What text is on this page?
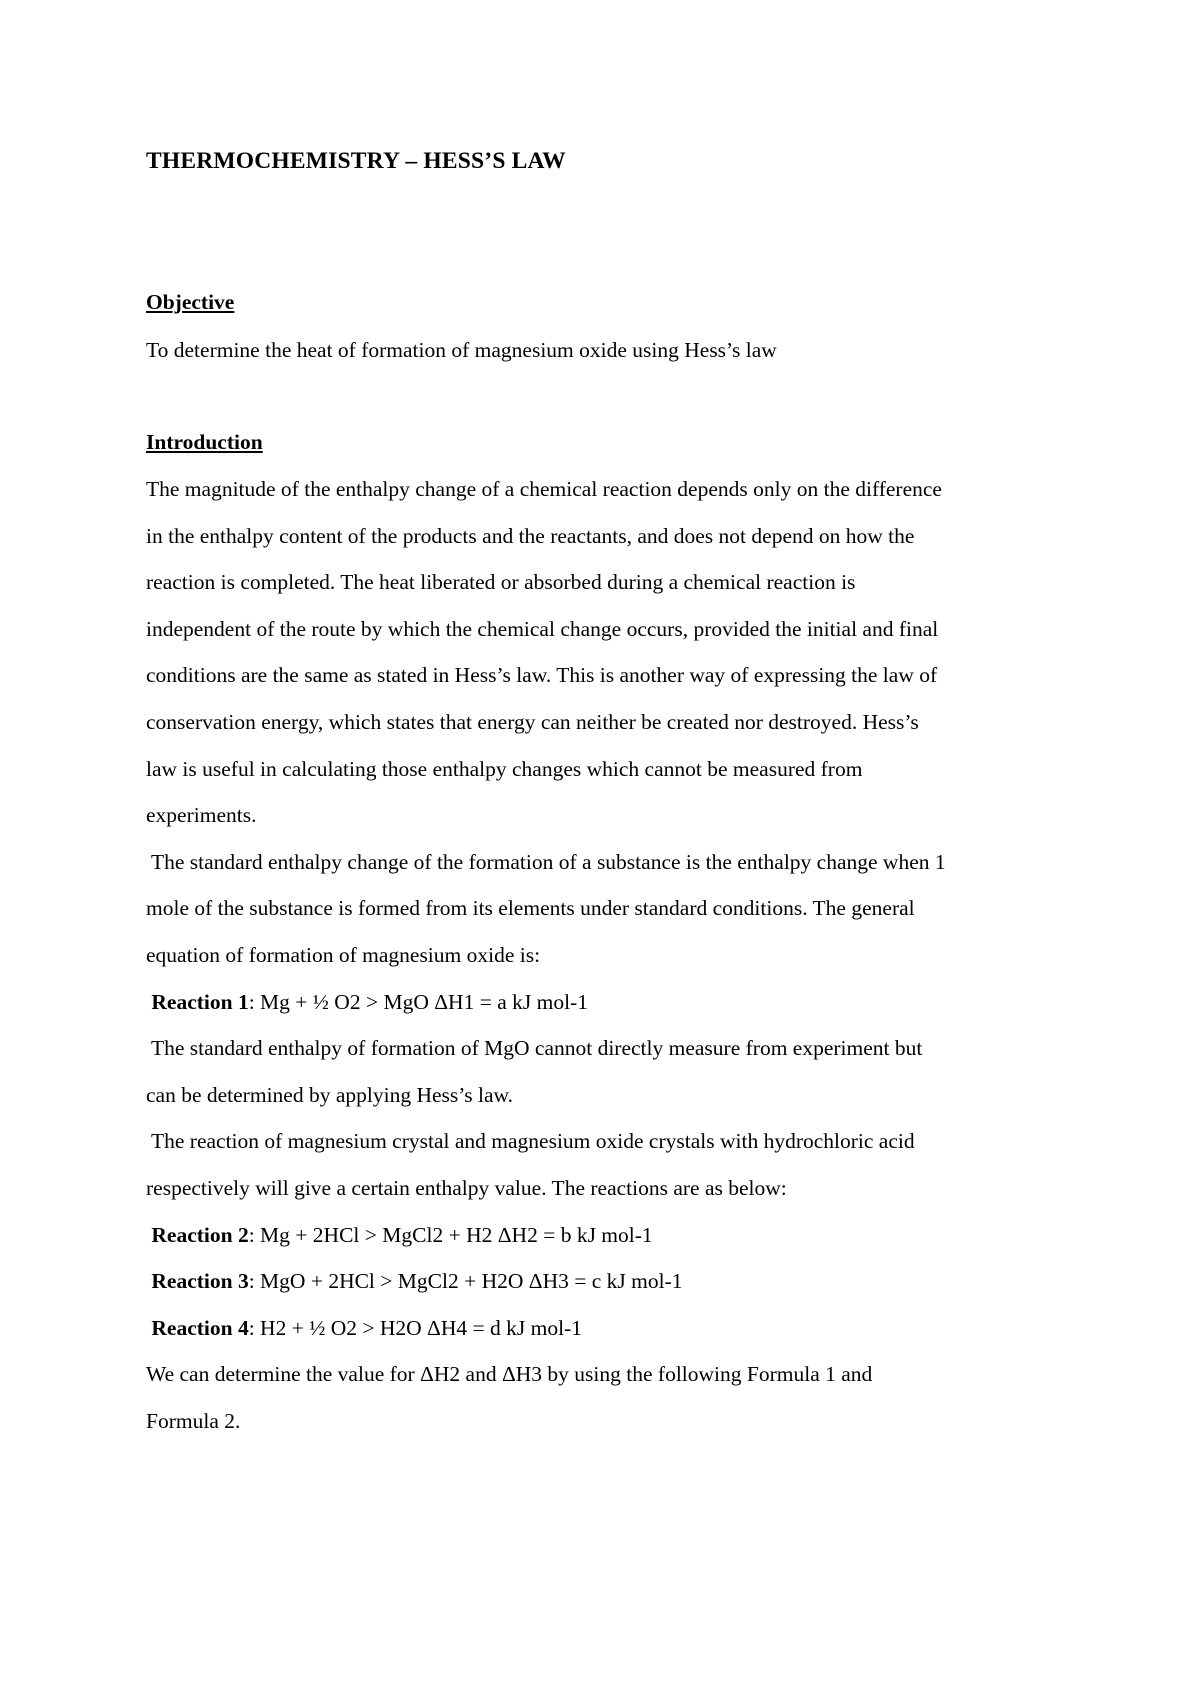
THERMOCHEMISTRY – HESS’S LAW
Objective
To determine the heat of formation of magnesium oxide using Hess’s law
Introduction
The magnitude of the enthalpy change of a chemical reaction depends only on the difference
in the enthalpy content of the products and the reactants, and does not depend on how the
reaction is completed. The heat liberated or absorbed during a chemical reaction is
independent of the route by which the chemical change occurs, provided the initial and final
conditions are the same as stated in Hess’s law. This is another way of expressing the law of
conservation energy, which states that energy can neither be created nor destroyed. Hess’s
law is useful in calculating those enthalpy changes which cannot be measured from
experiments.
The standard enthalpy change of the formation of a substance is the enthalpy change when 1
mole of the substance is formed from its elements under standard conditions. The general
equation of formation of magnesium oxide is:
Reaction 1: Mg + ½ O2 > MgO ΔH1 = a kJ mol-1
The standard enthalpy of formation of MgO cannot directly measure from experiment but
can be determined by applying Hess’s law.
The reaction of magnesium crystal and magnesium oxide crystals with hydrochloric acid
respectively will give a certain enthalpy value. The reactions are as below:
Reaction 2: Mg + 2HCl > MgCl2 + H2 ΔH2 = b kJ mol-1
Reaction 3: MgO + 2HCl > MgCl2 + H2O ΔH3 = c kJ mol-1
Reaction 4: H2 + ½ O2 > H2O ΔH4 = d kJ mol-1
We can determine the value for ΔH2 and ΔH3 by using the following Formula 1 and
Formula 2.
